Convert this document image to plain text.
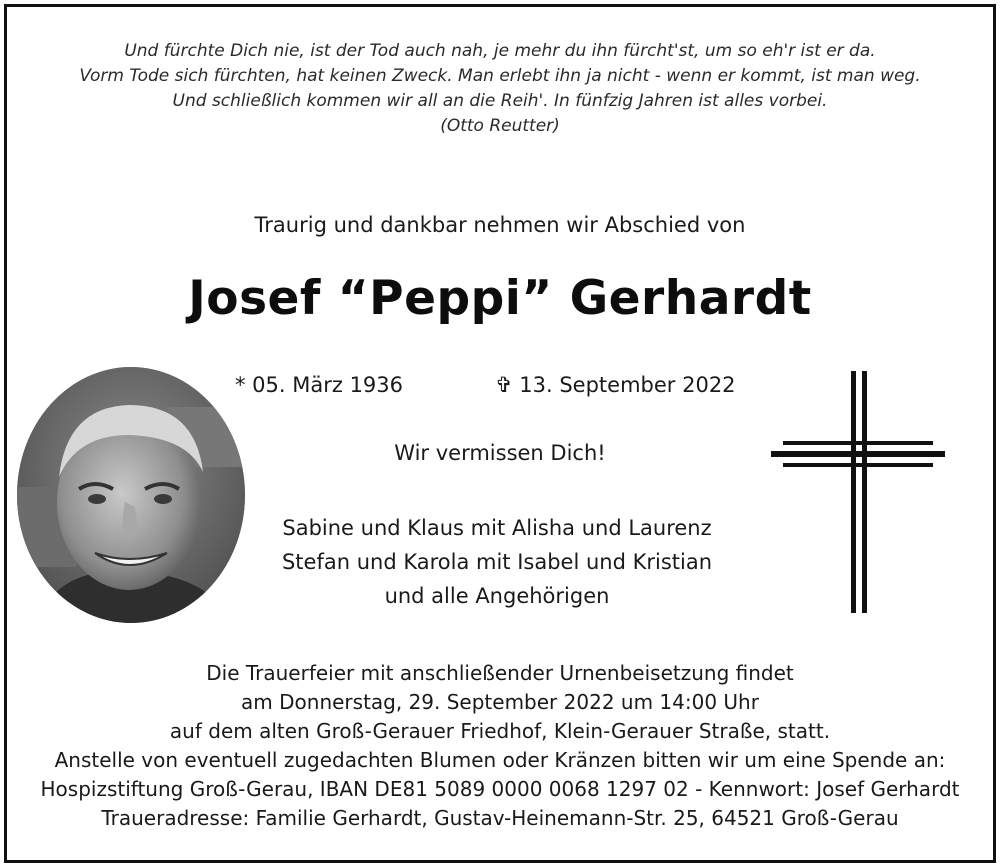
Und fürchte Dich nie, ist der Tod auch nah, je mehr du ihn fürcht'st, um so eh'r ist er da.
Vorm Tode sich fürchten, hat keinen Zweck. Man erlebt ihn ja nicht - wenn er kommt, ist man weg.
Und schließlich kommen wir all an die Reih'. In fünfzig Jahren ist alles vorbei.
(Otto Reutter)
Traurig und dankbar nehmen wir Abschied von
Josef “Peppi” Gerhardt
* 05. März 1936	✞ 13. September 2022
Wir vermissen Dich!
Sabine und Klaus mit Alisha und Laurenz
Stefan und Karola mit Isabel und Kristian
und alle Angehörigen
Die Trauerfeier mit anschließender Urnenbeisetzung findet
am Donnerstag, 29. September 2022 um 14:00 Uhr
auf dem alten Groß-Gerauer Friedhof, Klein-Gerauer Straße, statt.
Anstelle von eventuell zugedachten Blumen oder Kränzen bitten wir um eine Spende an:
Hospizstiftung Groß-Gerau, IBAN DE81 5089 0000 0068 1297 02 - Kennwort: Josef Gerhardt
Traueradresse: Familie Gerhardt, Gustav-Heinemann-Str. 25, 64521 Groß-Gerau
